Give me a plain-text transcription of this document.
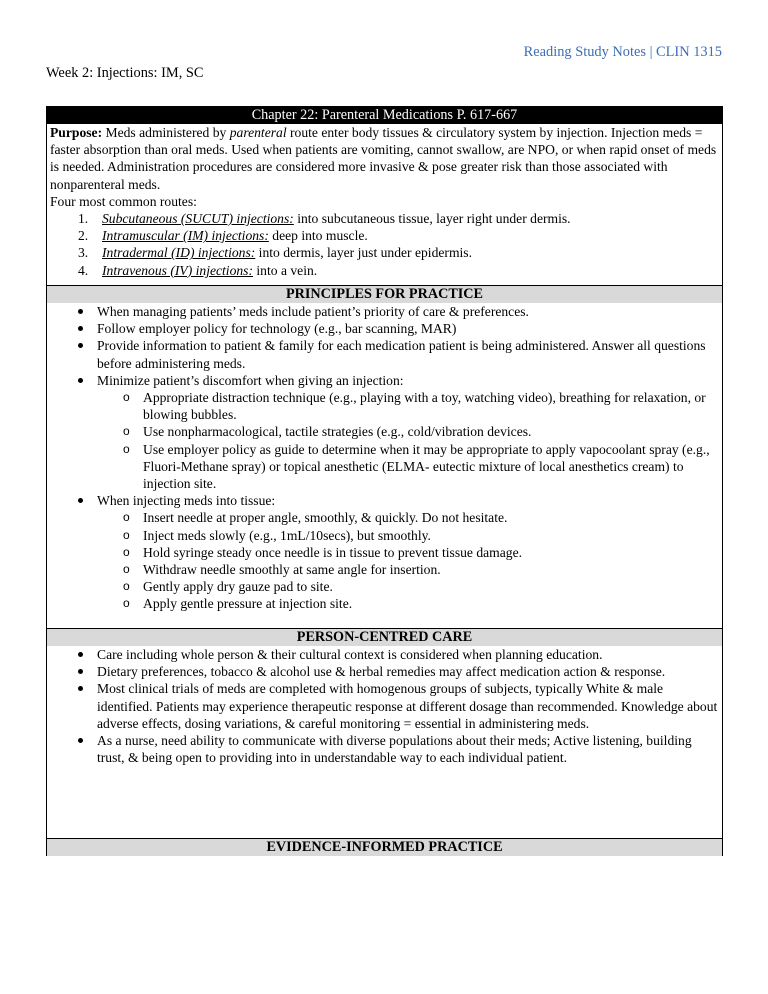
Reading Study Notes | CLIN 1315
Week 2: Injections: IM, SC
Chapter 22: Parenteral Medications P. 617-667
Purpose: Meds administered by parenteral route enter body tissues & circulatory system by injection. Injection meds = faster absorption than oral meds. Used when patients are vomiting, cannot swallow, are NPO, or when rapid onset of meds is needed. Administration procedures are considered more invasive & pose greater risk than those associated with nonparenteral meds.
Four most common routes:
1. Subcutaneous (SUCUT) injections: into subcutaneous tissue, layer right under dermis.
2. Intramuscular (IM) injections: deep into muscle.
3. Intradermal (ID) injections: into dermis, layer just under epidermis.
4. Intravenous (IV) injections: into a vein.
PRINCIPLES FOR PRACTICE
When managing patients’ meds include patient’s priority of care & preferences.
Follow employer policy for technology (e.g., bar scanning, MAR)
Provide information to patient & family for each medication patient is being administered. Answer all questions before administering meds.
Minimize patient’s discomfort when giving an injection:
o Appropriate distraction technique (e.g., playing with a toy, watching video), breathing for relaxation, or blowing bubbles.
o Use nonpharmacological, tactile strategies (e.g., cold/vibration devices.
o Use employer policy as guide to determine when it may be appropriate to apply vapocoolant spray (e.g., Fluori-Methane spray) or topical anesthetic (ELMA- eutectic mixture of local anesthetics cream) to injection site.
When injecting meds into tissue:
o Insert needle at proper angle, smoothly, & quickly. Do not hesitate.
o Inject meds slowly (e.g., 1mL/10secs), but smoothly.
o Hold syringe steady once needle is in tissue to prevent tissue damage.
o Withdraw needle smoothly at same angle for insertion.
o Gently apply dry gauze pad to site.
o Apply gentle pressure at injection site.
PERSON-CENTRED CARE
Care including whole person & their cultural context is considered when planning education.
Dietary preferences, tobacco & alcohol use & herbal remedies may affect medication action & response.
Most clinical trials of meds are completed with homogenous groups of subjects, typically White & male identified. Patients may experience therapeutic response at different dosage than recommended. Knowledge about adverse effects, dosing variations, & careful monitoring = essential in administering meds.
As a nurse, need ability to communicate with diverse populations about their meds; Active listening, building trust, & being open to providing into in understandable way to each individual patient.
EVIDENCE-INFORMED PRACTICE
